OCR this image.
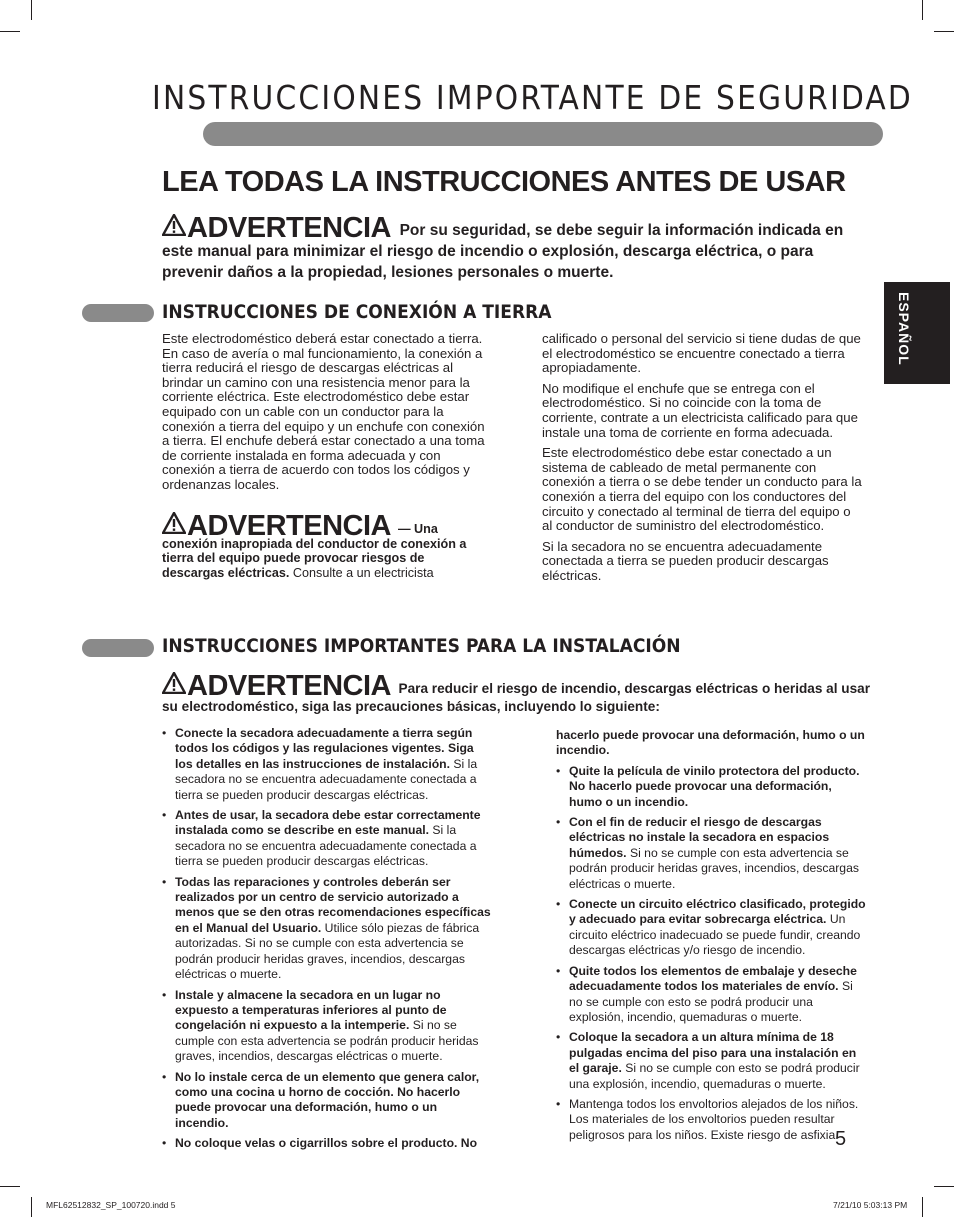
INSTRUCCIONES IMPORTANTE DE SEGURIDAD
LEA TODAS LA INSTRUCCIONES ANTES DE USAR
ADVERTENCIA Por su seguridad, se debe seguir la información indicada en este manual para minimizar el riesgo de incendio o explosión, descarga eléctrica, o para prevenir daños a la propiedad, lesiones personales o muerte.
INSTRUCCIONES DE CONEXIÓN A TIERRA

Este electrodoméstico deberá estar conectado a tierra. En caso de avería o mal funcionamiento, la conexión a tierra reducirá el riesgo de descargas eléctricas al brindar un camino con una resistencia menor para la corriente eléctrica. Este electrodoméstico debe estar equipado con un cable con un conductor para la conexión a tierra del equipo y un enchufe con conexión a tierra. El enchufe deberá estar conectado a una toma de corriente instalada en forma adecuada y con conexión a tierra de acuerdo con todos los códigos y ordenanzas locales.

ADVERTENCIA — Una
conexión inapropiada del conductor de conexión a tierra del equipo puede provocar riesgos de descargas eléctricas. Consulte a un electricista

calificado o personal del servicio si tiene dudas de que el electrodoméstico se encuentre conectado a tierra apropiadamente.

No modifique el enchufe que se entrega con el electrodoméstico. Si no coincide con la toma de corriente, contrate a un electricista calificado para que instale una toma de corriente en forma adecuada.

Este electrodoméstico debe estar conectado a un sistema de cableado de metal permanente con conexión a tierra o se debe tender un conducto para la conexión a tierra del equipo con los conductores del circuito y conectado al terminal de tierra del equipo o al conductor de suministro del electrodoméstico.

Si la secadora no se encuentra adecuadamente conectada a tierra se pueden producir descargas eléctricas.

INSTRUCCIONES IMPORTANTES PARA LA INSTALACIÓN
ADVERTENCIA Para reducir el riesgo de incendio, descargas eléctricas o heridas al usar su electrodoméstico, siga las precauciones básicas, incluyendo lo siguiente:
• Conecte la secadora adecuadamente a tierra según todos los códigos y las regulaciones vigentes. Siga los detalles en las instrucciones de instalación. Si la secadora no se encuentra adecuadamente conectada a tierra se pueden producir descargas eléctricas.
• Antes de usar, la secadora debe estar correctamente instalada como se describe en este manual. Si la secadora no se encuentra adecuadamente conectada a tierra se pueden producir descargas eléctricas.
• Todas las reparaciones y controles deberán ser realizados por un centro de servicio autorizado a menos que se den otras recomendaciones específicas en el Manual del Usuario. Utilice sólo piezas de fábrica autorizadas. Si no se cumple con esta advertencia se podrán producir heridas graves, incendios, descargas eléctricas o muerte.
• Instale y almacene la secadora en un lugar no expuesto a temperaturas inferiores al punto de congelación ni expuesto a la intemperie. Si no se cumple con esta advertencia se podrán producir heridas graves, incendios, descargas eléctricas o muerte.
• No lo instale cerca de un elemento que genera calor, como una cocina u horno de cocción. No hacerlo puede provocar una deformación, humo o un incendio.
• No coloque velas o cigarrillos sobre el producto. No
hacerlo puede provocar una deformación, humo o un incendio.
• Quite la película de vinilo protectora del producto. No hacerlo puede provocar una deformación, humo o un incendio.
• Con el fin de reducir el riesgo de descargas eléctricas no instale la secadora en espacios húmedos. Si no se cumple con esta advertencia se podrán producir heridas graves, incendios, descargas eléctricas o muerte.
• Conecte un circuito eléctrico clasificado, protegido y adecuado para evitar sobrecarga eléctrica. Un circuito eléctrico inadecuado se puede fundir, creando descargas eléctricas y/o riesgo de incendio.
• Quite todos los elementos de embalaje y deseche adecuadamente todos los materiales de envío. Si no se cumple con esto se podrá producir una explosión, incendio, quemaduras o muerte.
• Coloque la secadora a un altura mínima de 18 pulgadas encima del piso para una instalación en el garaje. Si no se cumple con esto se podrá producir una explosión, incendio, quemaduras o muerte.
• Mantenga todos los envoltorios alejados de los niños. Los materiales de los envoltorios pueden resultar peligrosos para los niños. Existe riesgo de asfixia.
ESPAÑOL
5
MFL62512832_SP_100720.indd 5	7/21/10 5:03:13 PM
